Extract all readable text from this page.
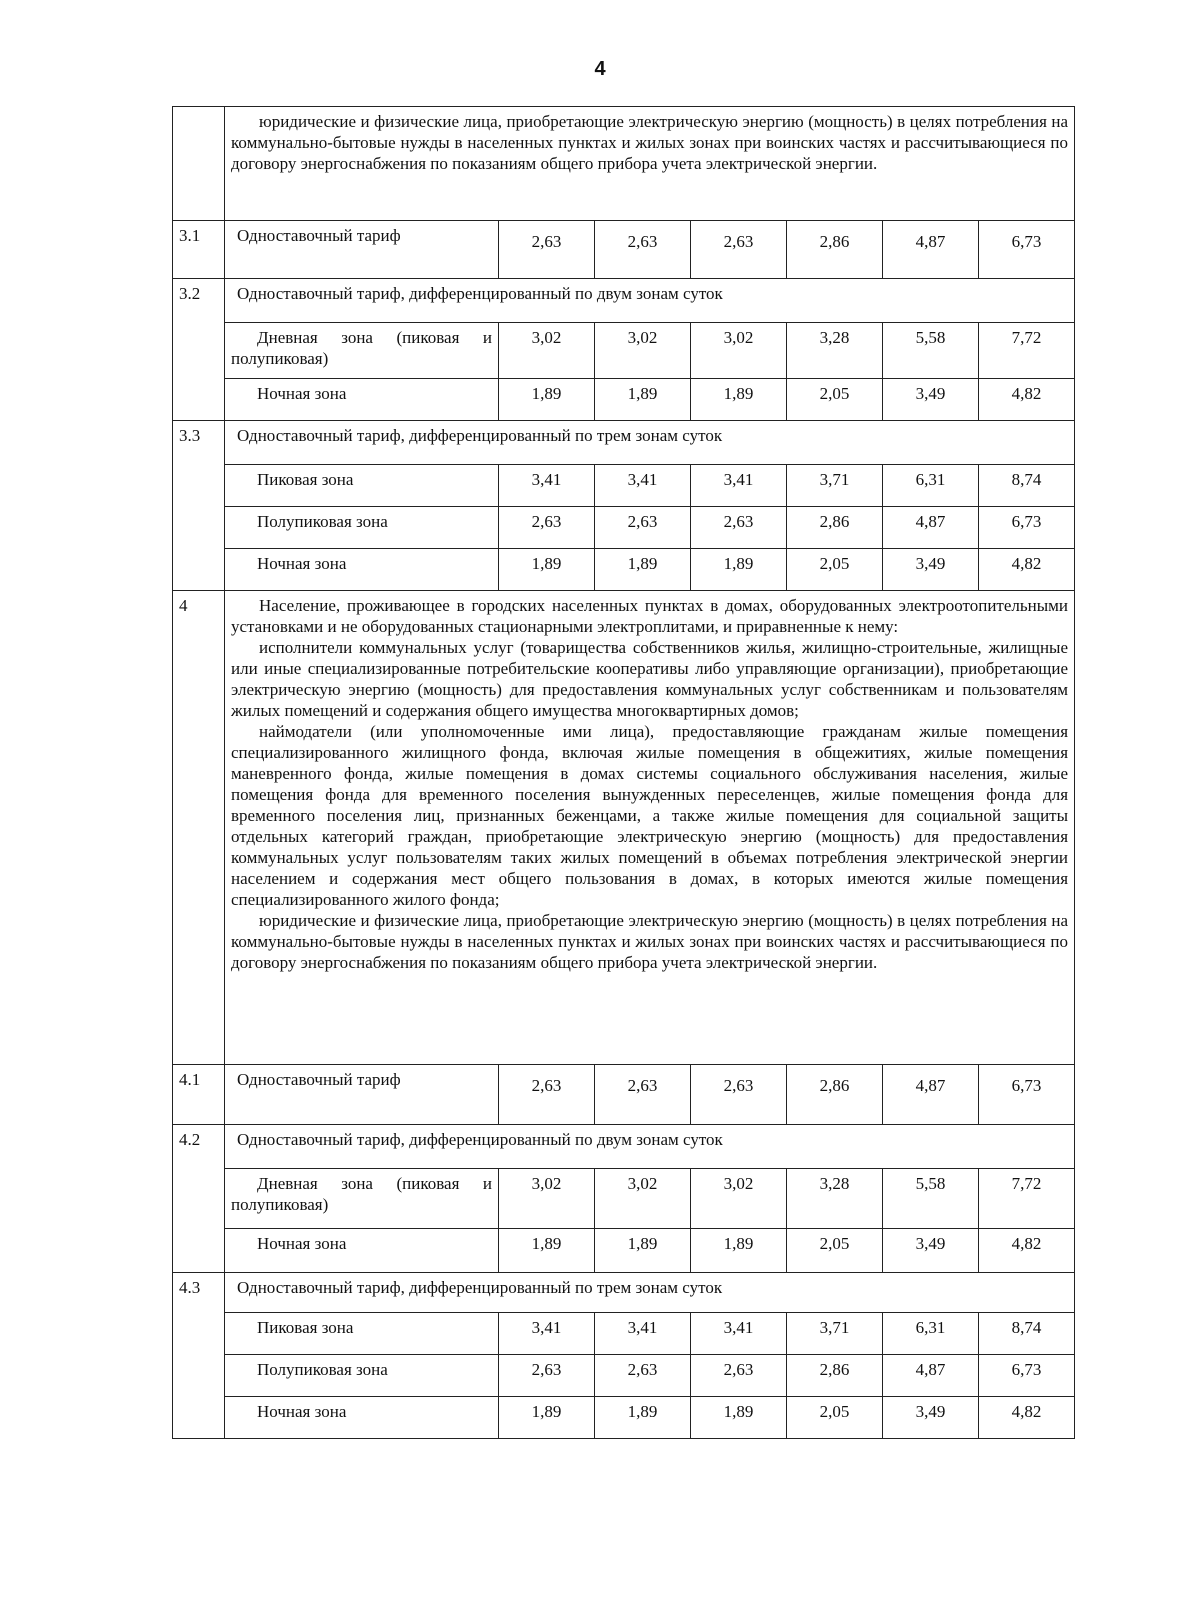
4

	юридические и физические лица, приобретающие электрическую энергию (мощность) в целях потребления на коммунально-бытовые нужды в населенных пунктах и жилых зонах при воинских частях и рассчитывающиеся по договору энергоснабжения по показаниям общего прибора учета электрической энергии.						

3.1	Одноставочный тариф	2,63	2,63	2,63	2,86	4,87	6,73
3.2	Одноставочный тариф, дифференцированный по двум зонам суток						
	Дневная зона (пиковая и полупиковая)	3,02	3,02	3,02	3,28	5,58	7,72
	Ночная зона	1,89	1,89	1,89	2,05	3,49	4,82
3.3	Одноставочный тариф, дифференцированный по трем зонам суток						
	Пиковая зона	3,41	3,41	3,41	3,71	6,31	8,74
	Полупиковая зона	2,63	2,63	2,63	2,86	4,87	6,73
	Ночная зона	1,89	1,89	1,89	2,05	3,49	4,82
4	Население, проживающее в городских населенных пунктах в домах, оборудованных электроотопительными установками и не оборудованных стационарными электроплитами, и приравненные к нему:

исполнители коммунальных услуг (товарищества собственников жилья, жилищно-строительные, жилищные или иные специализированные потребительские кооперативы либо управляющие организации), приобретающие электрическую энергию (мощность) для предоставления коммунальных услуг собственникам и пользователям жилых помещений и содержания общего имущества многоквартирных домов;

наймодатели (или уполномоченные ими лица), предоставляющие гражданам жилые помещения специализированного жилищного фонда, включая жилые помещения в общежитиях, жилые помещения маневренного фонда, жилые помещения в домах системы социального обслуживания населения, жилые помещения фонда для временного поселения вынужденных переселенцев, жилые помещения фонда для временного поселения лиц, признанных беженцами, а также жилые помещения для социальной защиты отдельных категорий граждан, приобретающие электрическую энергию (мощность) для предоставления коммунальных услуг пользователям таких жилых помещений в объемах потребления электрической энергии населением и содержания мест общего пользования в домах, в которых имеются жилые помещения специализированного жилого фонда;

юридические и физические лица, приобретающие электрическую энергию (мощность) в целях потребления на коммунально-бытовые нужды в населенных пунктах и жилых зонах при воинских частях и рассчитывающиеся по договору энергоснабжения по показаниям общего прибора учета электрической энергии.						

4.1	Одноставочный тариф	2,63	2,63	2,63	2,86	4,87	6,73
4.2	Одноставочный тариф, дифференцированный по двум зонам суток						
	Дневная зона (пиковая и полупиковая)	3,02	3,02	3,02	3,28	5,58	7,72
	Ночная зона	1,89	1,89	1,89	2,05	3,49	4,82
4.3	Одноставочный тариф, дифференцированный по трем зонам суток						
	Пиковая зона	3,41	3,41	3,41	3,71	6,31	8,74
	Полупиковая зона	2,63	2,63	2,63	2,86	4,87	6,73
	Ночная зона	1,89	1,89	1,89	2,05	3,49	4,82
